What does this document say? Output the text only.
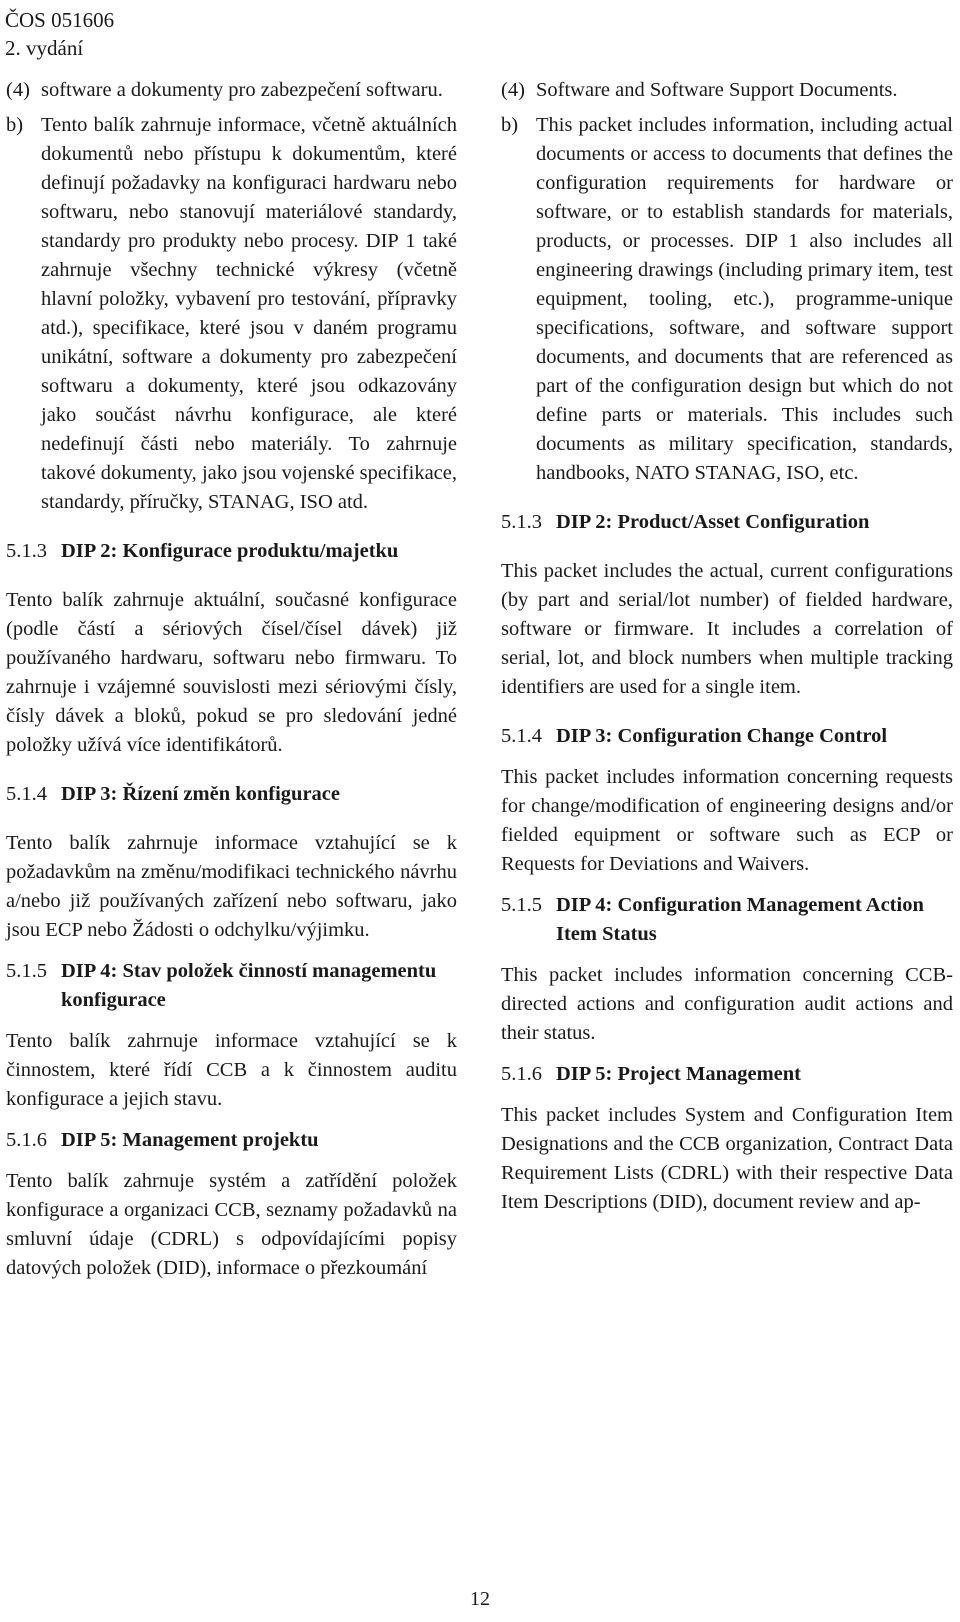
ČOS 051606
2. vydání
(4) software a dokumenty pro zabezpečení softwaru.
b) Tento balík zahrnuje informace, včetně aktuálních dokumentů nebo přístupu k dokumentům, které definují požadavky na konfiguraci hardwaru nebo softwaru, nebo stanovují materiálové standardy, standardy pro produkty nebo procesy. DIP 1 také zahrnuje všechny technické výkresy (včetně hlavní položky, vybavení pro testování, přípravky atd.), specifikace, které jsou v daném programu unikátní, software a dokumenty pro zabezpečení softwaru a dokumenty, které jsou odkazovány jako součást návrhu konfigurace, ale které nedefinují části nebo materiály. To zahrnuje takové dokumenty, jako jsou vojenské specifikace, standardy, příručky, STANAG, ISO atd.
5.1.3 DIP 2: Konfigurace produktu/majetku

Tento balík zahrnuje aktuální, současné konfigurace (podle částí a sériových čísel/čísel dávek) již používaného hardwaru, softwaru nebo firmwaru. To zahrnuje i vzájemné souvislosti mezi sériovými čísly, čísly dávek a bloků, pokud se pro sledování jedné položky užívá více identifikátorů.

5.1.4 DIP 3: Řízení změn konfigurace

Tento balík zahrnuje informace vztahující se k požadavkům na změnu/modifikaci technického návrhu a/nebo již používaných zařízení nebo softwaru, jako jsou ECP nebo Žádosti o odchylku/výjimku.

5.1.5 DIP 4: Stav položek činností managementu konfigurace

Tento balík zahrnuje informace vztahující se k činnostem, které řídí CCB a k činnostem auditu konfigurace a jejich stavu.

5.1.6 DIP 5: Management projektu

Tento balík zahrnuje systém a zatřídění položek konfigurace a organizaci CCB, seznamy požadavků na smluvní údaje (CDRL) s odpovídajícími popisy datových položek (DID), informace o přezkoumání

(4) Software and Software Support Documents.
b) This packet includes information, including actual documents or access to documents that defines the configuration requirements for hardware or software, or to establish standards for materials, products, or processes. DIP 1 also includes all engineering drawings (including primary item, test equipment, tooling, etc.), programme-unique specifications, software, and software support documents, and documents that are referenced as part of the configuration design but which do not define parts or materials. This includes such documents as military specification, standards, handbooks, NATO STANAG, ISO, etc.
5.1.3 DIP 2: Product/Asset Configuration

This packet includes the actual, current configurations (by part and serial/lot number) of fielded hardware, software or firmware. It includes a correlation of serial, lot, and block numbers when multiple tracking identifiers are used for a single item.

5.1.4 DIP 3: Configuration Change Control

This packet includes information concerning requests for change/modification of engineering designs and/or fielded equipment or software such as ECP or Requests for Deviations and Waivers.

5.1.5 DIP 4: Configuration Management Action Item Status

This packet includes information concerning CCB-directed actions and configuration audit actions and their status.

5.1.6 DIP 5: Project Management

This packet includes System and Configuration Item Designations and the CCB organization, Contract Data Requirement Lists (CDRL) with their respective Data Item Descriptions (DID), document review and ap-

12
